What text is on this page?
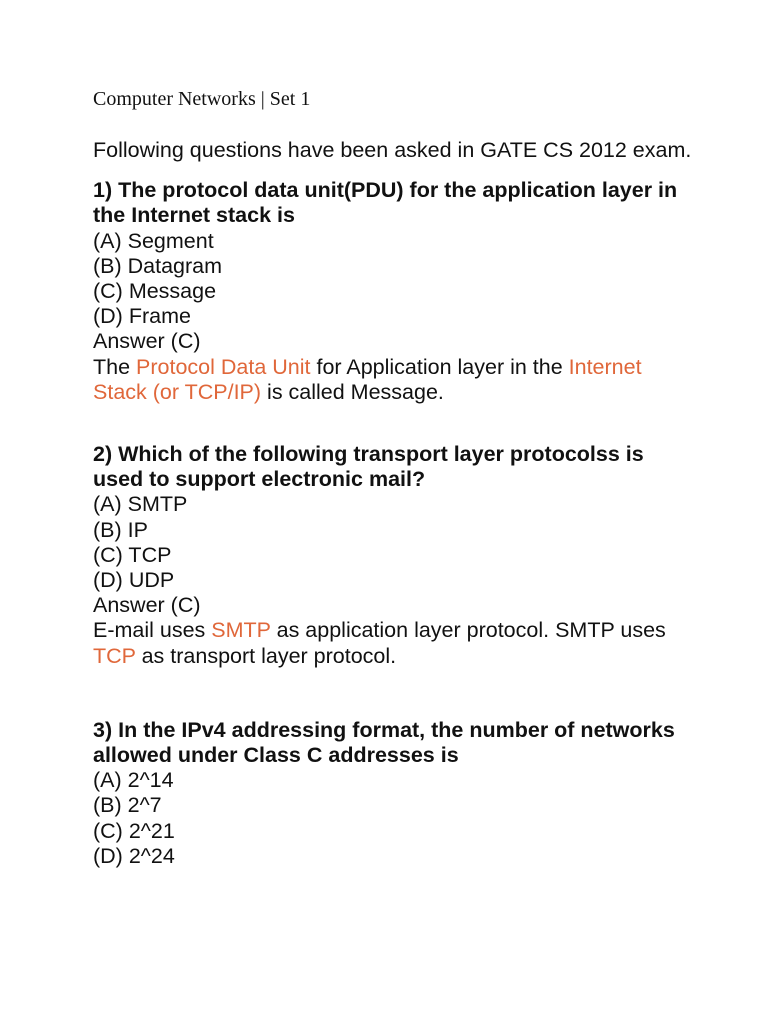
Computer Networks | Set 1
Following questions have been asked in GATE CS 2012 exam.
1) The protocol data unit(PDU) for the application layer in the Internet stack is
(A) Segment
(B) Datagram
(C) Message
(D) Frame
Answer (C)
The Protocol Data Unit for Application layer in the Internet Stack (or TCP/IP) is called Message.
2) Which of the following transport layer protocolss is used to support electronic mail?
(A) SMTP
(B) IP
(C) TCP
(D) UDP
Answer (C)
E-mail uses SMTP as application layer protocol. SMTP uses TCP as transport layer protocol.
3) In the IPv4 addressing format, the number of networks allowed under Class C addresses is
(A) 2^14
(B) 2^7
(C) 2^21
(D) 2^24
